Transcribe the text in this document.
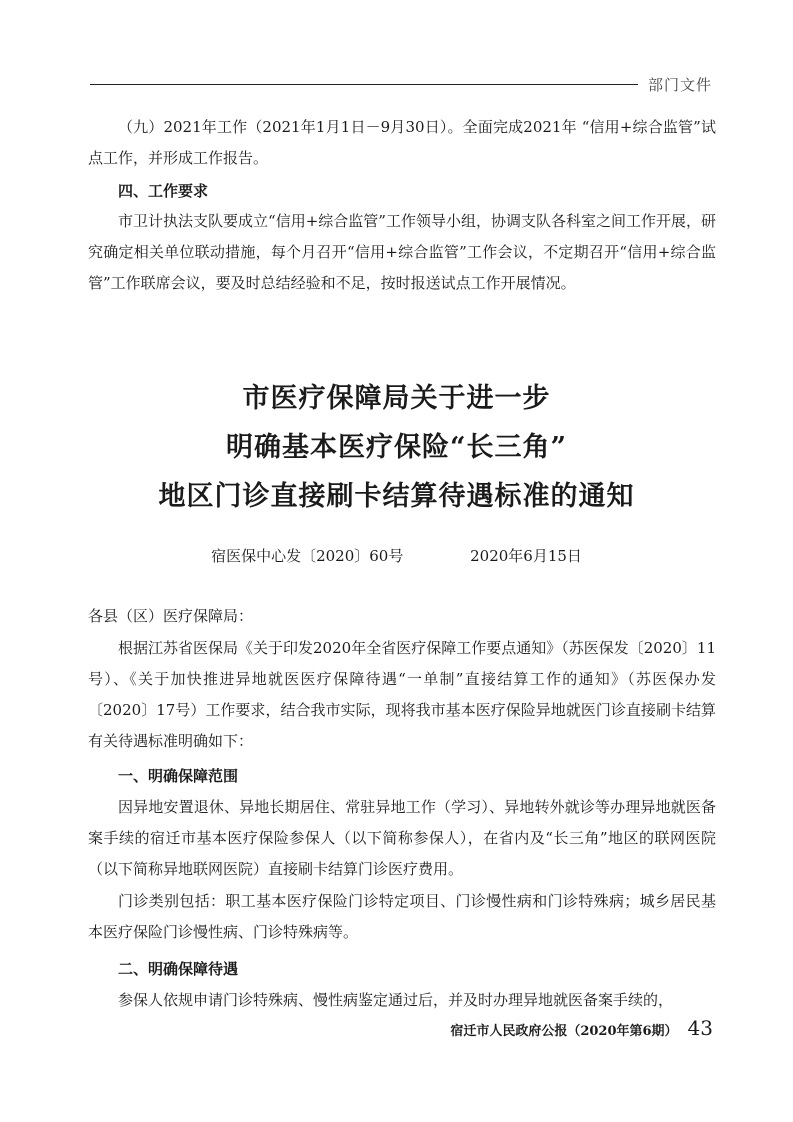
部门文件

（九）2021年工作（2021年1月1日－9月30日）。全面完成2021年 “信用+综合监管”试点工作，并形成工作报告。

四、工作要求

市卫计执法支队要成立“信用+综合监管”工作领导小组，协调支队各科室之间工作开展，研究确定相关单位联动措施，每个月召开“信用+综合监管”工作会议，不定期召开“信用+综合监管”工作联席会议，要及时总结经验和不足，按时报送试点工作开展情况。

市医疗保障局关于进一步
明确基本医疗保险“长三角”
地区门诊直接刷卡结算待遇标准的通知
宿医保中心发〔2020〕60号	2020年6月15日

各县（区）医疗保障局：

根据江苏省医保局《关于印发2020年全省医疗保障工作要点通知》（苏医保发〔2020〕11号）、《关于加快推进异地就医医疗保障待遇“一单制”直接结算工作的通知》（苏医保办发〔2020〕17号）工作要求，结合我市实际，现将我市基本医疗保险异地就医门诊直接刷卡结算有关待遇标准明确如下：

一、明确保障范围

因异地安置退休、异地长期居住、常驻异地工作（学习）、异地转外就诊等办理异地就医备案手续的宿迁市基本医疗保险参保人（以下简称参保人），在省内及“长三角”地区的联网医院（以下简称异地联网医院）直接刷卡结算门诊医疗费用。

门诊类别包括：职工基本医疗保险门诊特定项目、门诊慢性病和门诊特殊病；城乡居民基本医疗保险门诊慢性病、门诊特殊病等。

二、明确保障待遇

参保人依规申请门诊特殊病、慢性病鉴定通过后，并及时办理异地就医备案手续的，

宿迁市人民政府公报（2020年第6期） 43
